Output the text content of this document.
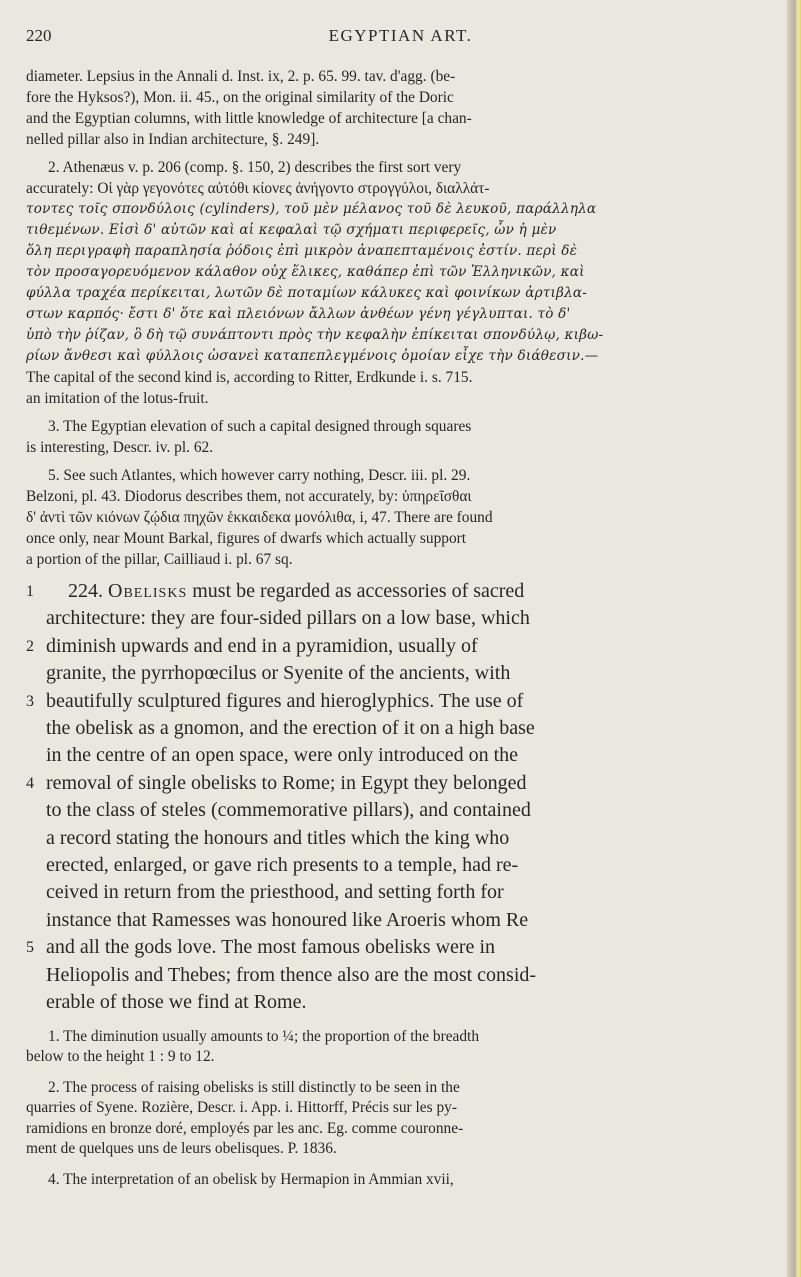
220	EGYPTIAN ART.

diameter. Lepsius in the Annali d. Inst. ix, 2. p. 65. 99. tav. d'agg. (be-

fore the Hyksos?), Mon. ii. 45., on the original similarity of the Doric

and the Egyptian columns, with little knowledge of architecture [a chan-

nelled pillar also in Indian architecture, §. 249].

2. Athenæus v. p. 206 (comp. §. 150, 2) describes the first sort very

accurately: Οἱ γὰρ γεγονότες αὐτόθι κίονες ἀνήγοντο στρογγύλοι, διαλλάτ-

τοντες τοῖς σπονδύλοις (cylinders), τοῦ μὲν μέλανος τοῦ δὲ λευκοῦ, παράλληλα

τιθεμένων. Εἰσὶ δ' αὐτῶν καὶ αἱ κεφαλαὶ τῷ σχήματι περιφερεῖς, ὧν ἡ μὲν

ὅλη περιγραφὴ παραπλησία ῥόδοις ἐπὶ μικρὸν ἀναπεπταμένοις ἐστίν. περὶ δὲ

τὸν προσαγορευόμενον κάλαθον οὐχ ἕλικες, καθάπερ ἐπὶ τῶν Ἑλληνικῶν, καὶ

φύλλα τραχέα περίκειται, λωτῶν δὲ ποταμίων κάλυκες καὶ φοινίκων ἀρτιβλα-

στων καρπός· ἔστι δ' ὅτε καὶ πλειόνων ἄλλων ἀνθέων γένη γέγλυπται. τὸ δ'

ὑπὸ τὴν ῥίζαν, ὃ δὴ τῷ συνάπτοντι πρὸς τὴν κεφαλὴν ἐπίκειται σπονδύλῳ, κιβω-

ρίων ἄνθεσι καὶ φύλλοις ὡσανεὶ καταπεπλεγμένοις ὁμοίαν εἶχε τὴν διάθεσιν.—

The capital of the second kind is, according to Ritter, Erdkunde i. s. 715.

an imitation of the lotus-fruit.

3. The Egyptian elevation of such a capital designed through squares

is interesting, Descr. iv. pl. 62.

5. See such Atlantes, which however carry nothing, Descr. iii. pl. 29.

Belzoni, pl. 43. Diodorus describes them, not accurately, by: ὑπηρεῖσθαι

δ' ἀντὶ τῶν κιόνων ζῴδια πηχῶν ἑκκαιδεκα μονόλιθα, i, 47. There are found

once only, near Mount Barkal, figures of dwarfs which actually support

a portion of the pillar, Cailliaud i. pl. 67 sq.

1 224. Obelisks must be regarded as accessories of sacred
architecture: they are four-sided pillars on a low base, which
2 diminish upwards and end in a pyramidion, usually of
granite, the pyrrhopœcilus or Syenite of the ancients, with
3 beautifully sculptured figures and hieroglyphics. The use of
the obelisk as a gnomon, and the erection of it on a high base
in the centre of an open space, were only introduced on the
4 removal of single obelisks to Rome; in Egypt they belonged
to the class of steles (commemorative pillars), and contained
a record stating the honours and titles which the king who
erected, enlarged, or gave rich presents to a temple, had re-
ceived in return from the priesthood, and setting forth for
instance that Ramesses was honoured like Aroeris whom Re
5 and all the gods love. The most famous obelisks were in
Heliopolis and Thebes; from thence also are the most consid-
erable of those we find at Rome.

1. The diminution usually amounts to ¼; the proportion of the breadth

below to the height 1 : 9 to 12.

2. The process of raising obelisks is still distinctly to be seen in the

quarries of Syene. Rozière, Descr. i. App. i. Hittorff, Précis sur les py-

ramidions en bronze doré, employés par les anc. Eg. comme couronne-

ment de quelques uns de leurs obelisques. P. 1836.

4. The interpretation of an obelisk by Hermapion in Ammian xvii,
